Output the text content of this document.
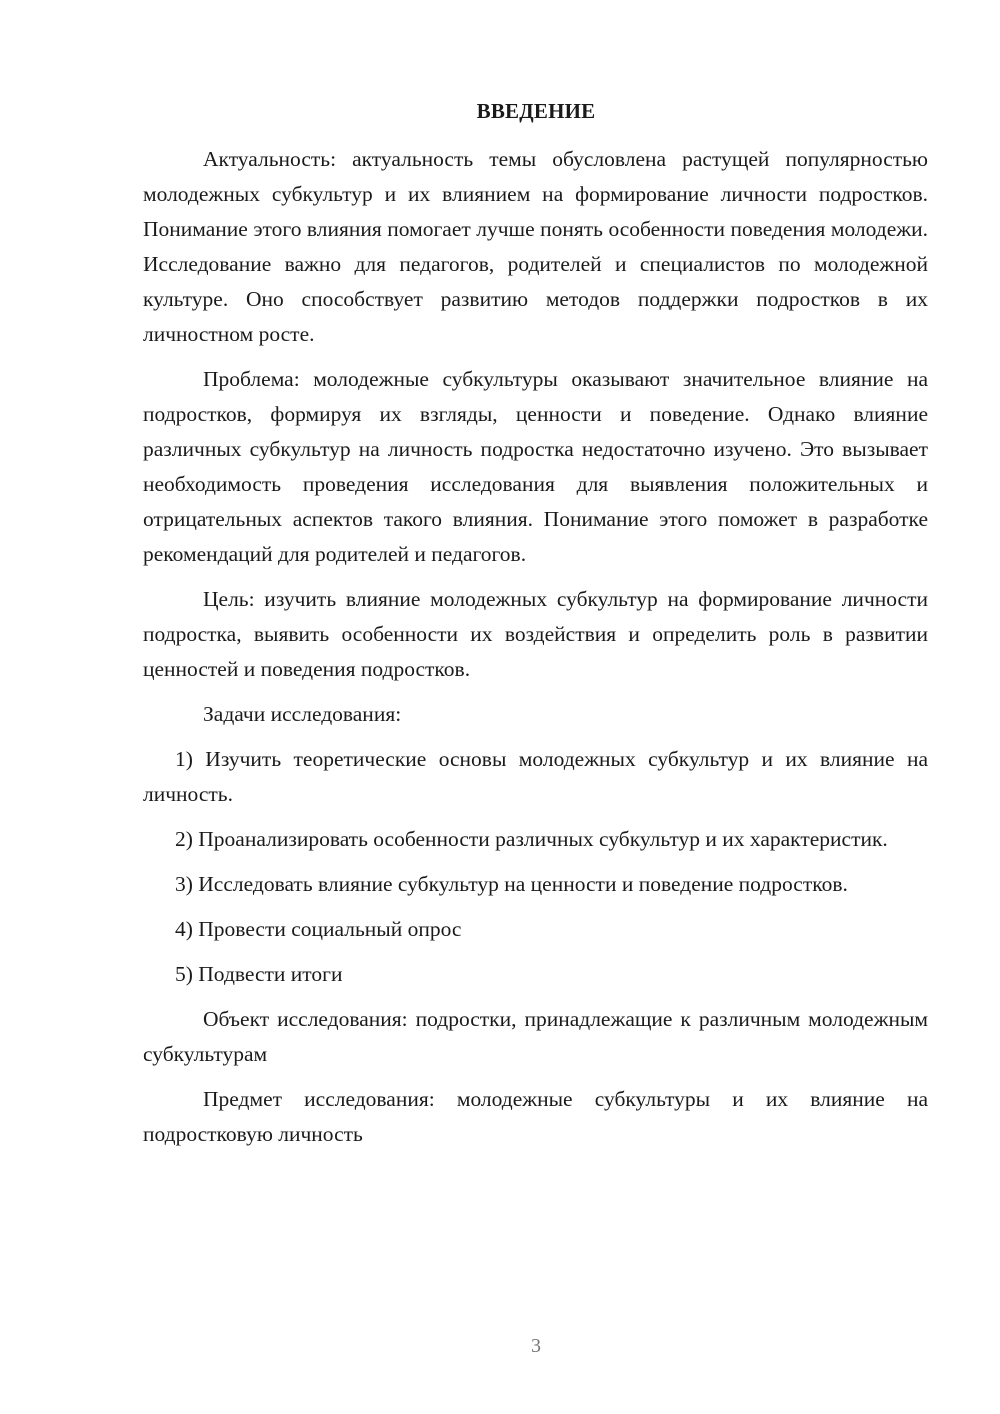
ВВЕДЕНИЕ

Актуальность: актуальность темы обусловлена растущей популярностью молодежных субкультур и их влиянием на формирование личности подростков. Понимание этого влияния помогает лучше понять особенности поведения молодежи. Исследование важно для педагогов, родителей и специалистов по молодежной культуре. Оно способствует развитию методов поддержки подростков в их личностном росте.

Проблема: молодежные субкультуры оказывают значительное влияние на подростков, формируя их взгляды, ценности и поведение. Однако влияние различных субкультур на личность подростка недостаточно изучено. Это вызывает необходимость проведения исследования для выявления положительных и отрицательных аспектов такого влияния. Понимание этого поможет в разработке рекомендаций для родителей и педагогов.

Цель: изучить влияние молодежных субкультур на формирование личности подростка, выявить особенности их воздействия и определить роль в развитии ценностей и поведения подростков.

Задачи исследования:

1) Изучить теоретические основы молодежных субкультур и их влияние на личность.

2) Проанализировать особенности различных субкультур и их характеристик.

3) Исследовать влияние субкультур на ценности и поведение подростков.

4) Провести социальный опрос

5) Подвести итоги

Объект исследования: подростки, принадлежащие к различным молодежным субкультурам

Предмет исследования: молодежные субкультуры и их влияние на подростковую личность

3
